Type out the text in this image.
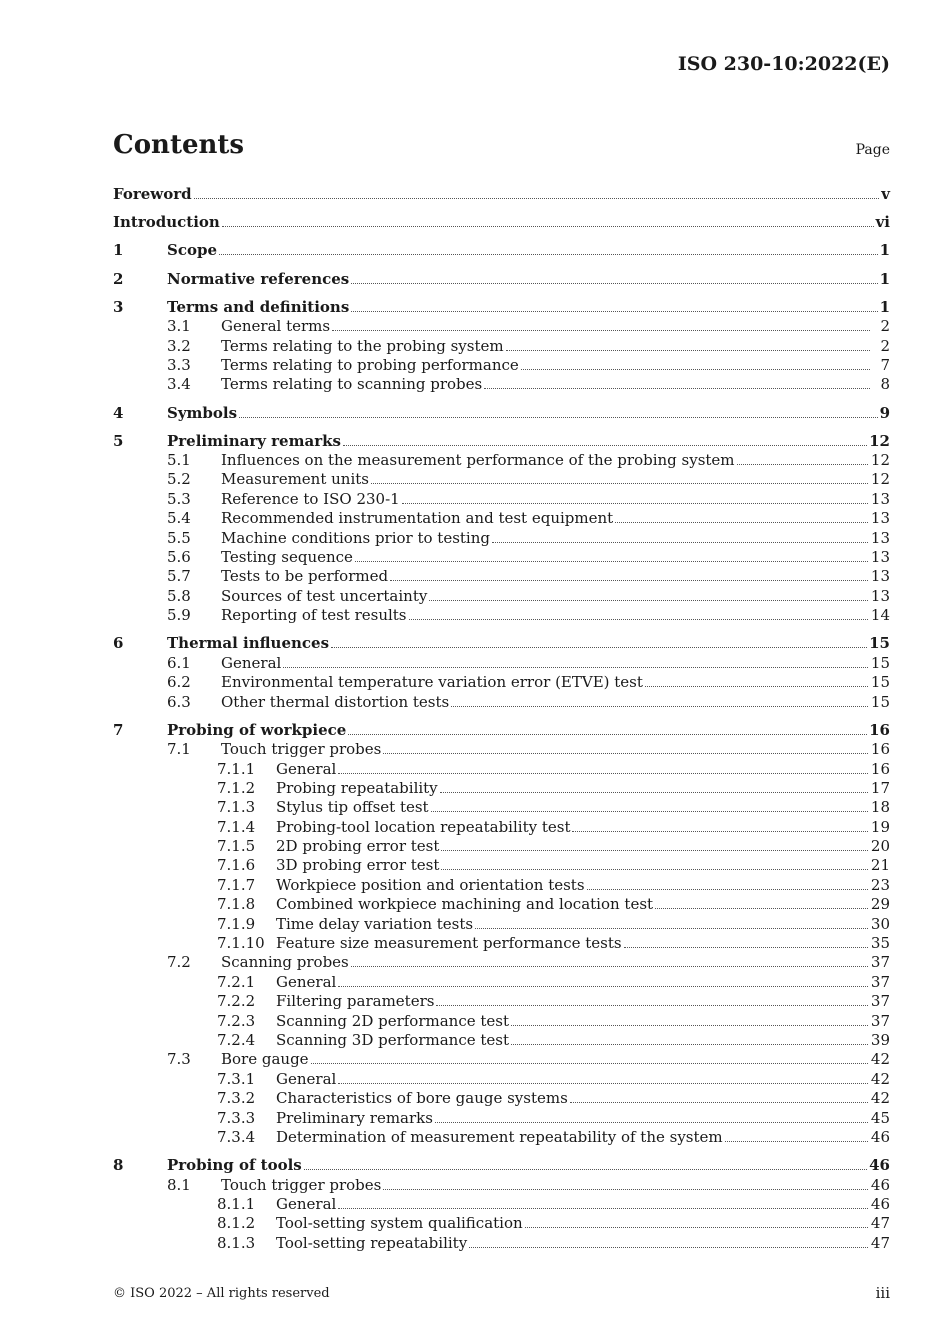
ISO 230-10:2022(E)
Contents	Page
Foreword	v
Introduction	vi
1	Scope	1
2	Normative references	1
3	Terms and definitions	1
3.1 General terms	2
3.2 Terms relating to the probing system	2
3.3 Terms relating to probing performance	7
3.4 Terms relating to scanning probes	8
4	Symbols	9
5	Preliminary remarks	12
5.1 Influences on the measurement performance of the probing system	12
5.2 Measurement units	12
5.3 Reference to ISO 230-1	13
5.4 Recommended instrumentation and test equipment	13
5.5 Machine conditions prior to testing	13
5.6 Testing sequence	13
5.7 Tests to be performed	13
5.8 Sources of test uncertainty	13
5.9 Reporting of test results	14
6	Thermal influences	15
6.1 General	15
6.2 Environmental temperature variation error (ETVE) test	15
6.3 Other thermal distortion tests	15
7	Probing of workpiece	16
7.1 Touch trigger probes	16
7.1.1 General	16
7.1.2 Probing repeatability	17
7.1.3 Stylus tip offset test	18
7.1.4 Probing-tool location repeatability test	19
7.1.5 2D probing error test	20
7.1.6 3D probing error test	21
7.1.7 Workpiece position and orientation tests	23
7.1.8 Combined workpiece machining and location test	29
7.1.9 Time delay variation tests	30
7.1.10 Feature size measurement performance tests	35
7.2 Scanning probes	37
7.2.1 General	37
7.2.2 Filtering parameters	37
7.2.3 Scanning 2D performance test	37
7.2.4 Scanning 3D performance test	39
7.3 Bore gauge	42
7.3.1 General	42
7.3.2 Characteristics of bore gauge systems	42
7.3.3 Preliminary remarks	45
7.3.4 Determination of measurement repeatability of the system	46
8	Probing of tools	46
8.1 Touch trigger probes	46
8.1.1 General	46
8.1.2 Tool-setting system qualification	47
8.1.3 Tool-setting repeatability	47
© ISO 2022 – All rights reserved	iii
